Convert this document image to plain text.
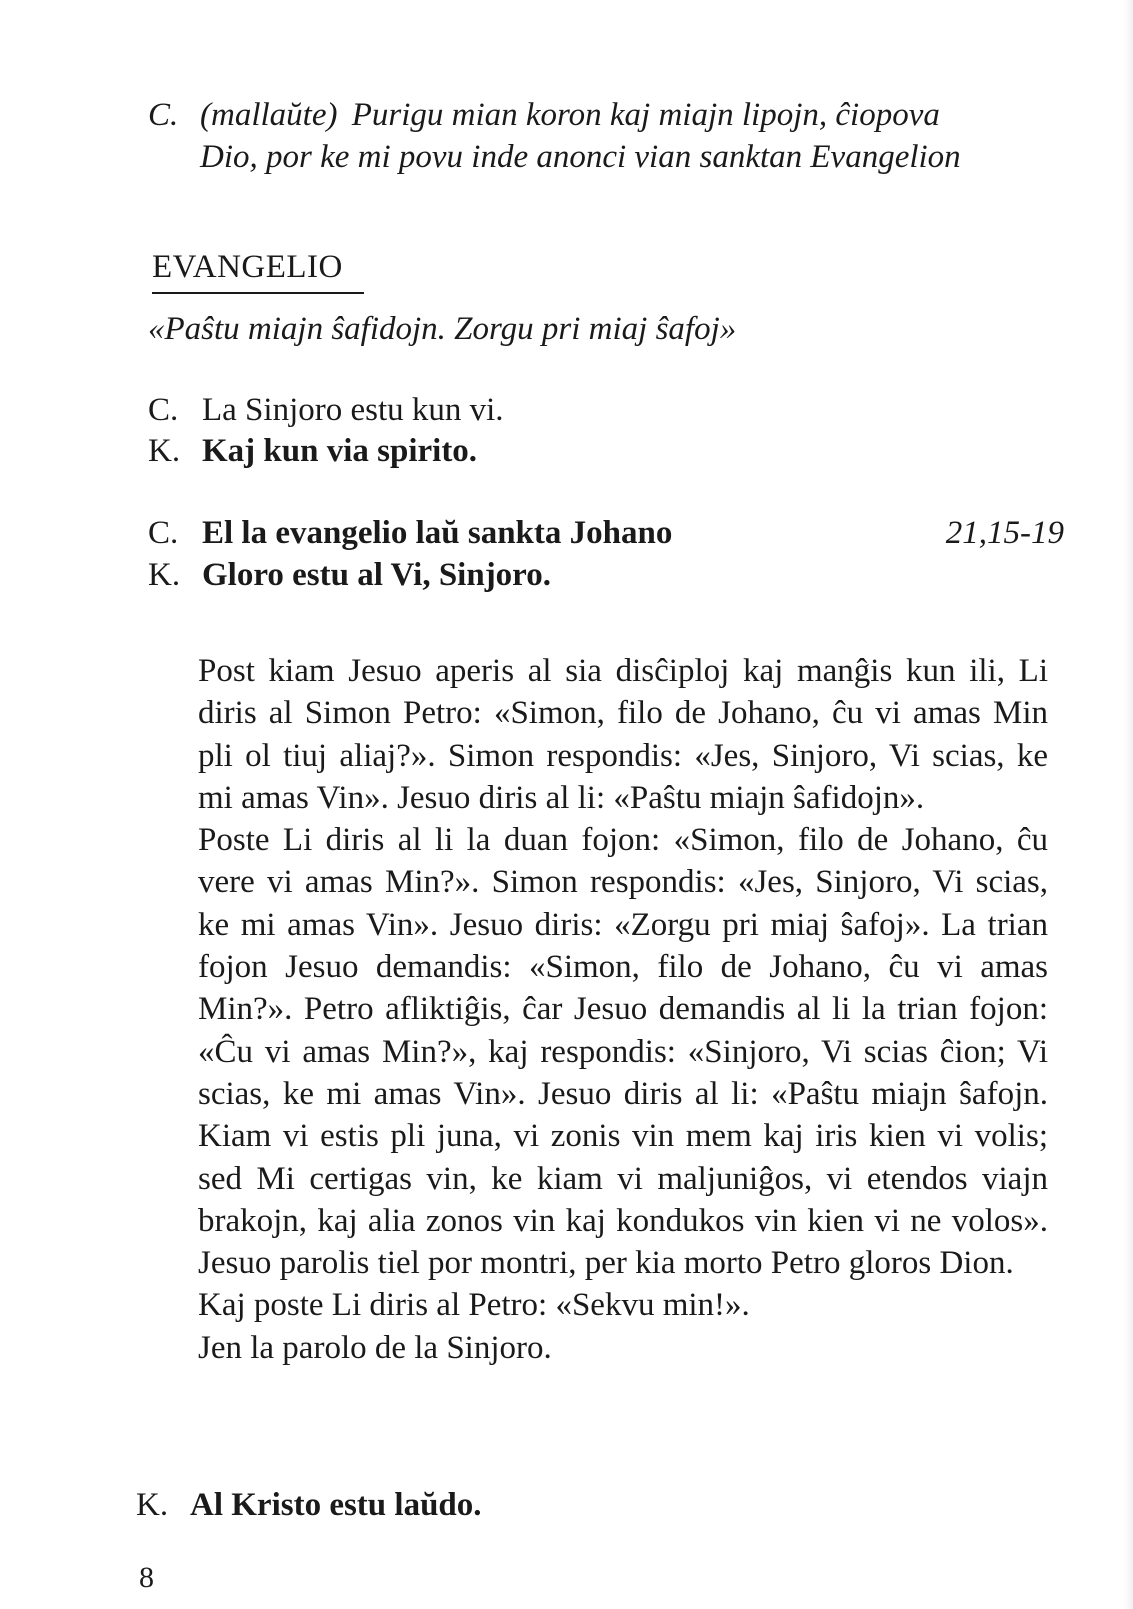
C. (mallaŭte) Purigu mian koron kaj miajn lipojn, ĉiopova
Dio, por ke mi povu inde anonci vian sanktan Evangelion
EVANGELIO
«Paŝtu miajn ŝafidojn. Zorgu pri miaj ŝafoj»
C. La Sinjoro estu kun vi.
K. Kaj kun via spirito.
C. El la evangelio laŭ sankta Johano	21,15-19
K. Gloro estu al Vi, Sinjoro.

Post kiam Jesuo aperis al sia disĉiploj kaj manĝis kun ili, Li diris al Simon Petro: «Simon, filo de Johano, ĉu vi amas Min pli ol tiuj aliaj?». Simon respondis: «Jes, Sinjoro, Vi scias, ke mi amas Vin». Jesuo diris al li: «Paŝtu miajn ŝafidojn».

Poste Li diris al li la duan fojon: «Simon, filo de Johano, ĉu vere vi amas Min?». Simon respondis: «Jes, Sinjoro, Vi scias, ke mi amas Vin». Jesuo diris: «Zorgu pri miaj ŝafoj». La trian fojon Jesuo demandis: «Simon, filo de Johano, ĉu vi amas Min?». Petro afliktiĝis, ĉar Jesuo demandis al li la trian fojon: «Ĉu vi amas Min?», kaj respondis: «Sinjoro, Vi scias ĉion; Vi scias, ke mi amas Vin». Jesuo diris al li: «Paŝtu miajn ŝafojn. Kiam vi estis pli juna, vi zonis vin mem kaj iris kien vi volis; sed Mi certigas vin, ke kiam vi maljuniĝos, vi etendos viajn brakojn, kaj alia zonos vin kaj kondukos vin kien vi ne volos». Jesuo parolis tiel por montri, per kia morto Petro gloros Dion.

Kaj poste Li diris al Petro: «Sekvu min!».

Jen la parolo de la Sinjoro.

K. Al Kristo estu laŭdo.
8
